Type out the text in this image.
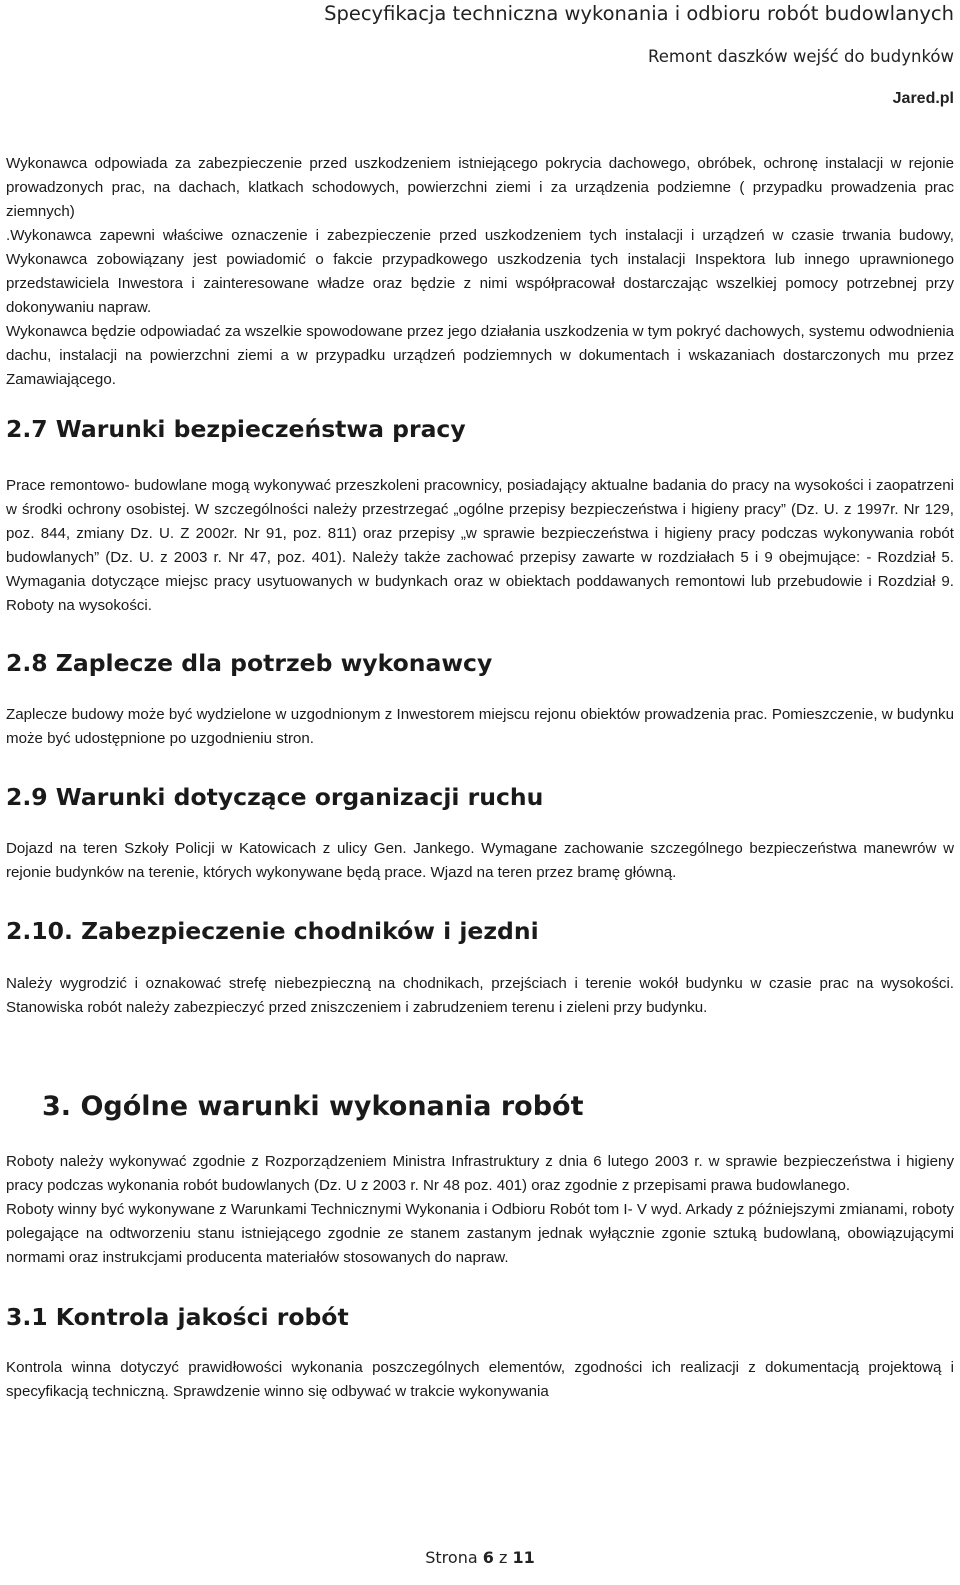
Specyfikacja techniczna wykonania i odbioru robót budowlanych
Remont daszków wejść do budynków
Jared.pl

Wykonawca odpowiada za zabezpieczenie przed uszkodzeniem istniejącego pokrycia dachowego, obróbek, ochronę instalacji w rejonie prowadzonych prac, na dachach, klatkach schodowych, powierzchni ziemi i za urządzenia podziemne ( przypadku prowadzenia prac ziemnych)

.Wykonawca zapewni właściwe oznaczenie i zabezpieczenie przed uszkodzeniem tych instalacji i urządzeń w czasie trwania budowy, Wykonawca zobowiązany jest powiadomić o fakcie przypadkowego uszkodzenia tych instalacji Inspektora lub innego uprawnionego przedstawiciela Inwestora i zainteresowane władze oraz będzie z nimi współpracował dostarczając wszelkiej pomocy potrzebnej przy dokonywaniu napraw.

Wykonawca będzie odpowiadać za wszelkie spowodowane przez jego działania uszkodzenia w tym pokryć dachowych, systemu odwodnienia dachu, instalacji na powierzchni ziemi a w przypadku urządzeń podziemnych w dokumentach i wskazaniach dostarczonych mu przez Zamawiającego.

2.7 Warunki bezpieczeństwa pracy

Prace remontowo- budowlane mogą wykonywać przeszkoleni pracownicy, posiadający aktualne badania do pracy na wysokości i zaopatrzeni w środki ochrony osobistej. W szczególności należy przestrzegać „ogólne przepisy bezpieczeństwa i higieny pracy” (Dz. U. z 1997r. Nr 129, poz. 844, zmiany Dz. U. Z 2002r. Nr 91, poz. 811) oraz przepisy „w sprawie bezpieczeństwa i higieny pracy podczas wykonywania robót budowlanych” (Dz. U. z 2003 r. Nr 47, poz. 401). Należy także zachować przepisy zawarte w rozdziałach 5 i 9 obejmujące: - Rozdział 5. Wymagania dotyczące miejsc pracy usytuowanych w budynkach oraz w obiektach poddawanych remontowi lub przebudowie i Rozdział 9. Roboty na wysokości.

2.8 Zaplecze dla potrzeb wykonawcy

Zaplecze budowy może być wydzielone w uzgodnionym z Inwestorem miejscu rejonu obiektów prowadzenia prac. Pomieszczenie, w budynku może być udostępnione po uzgodnieniu stron.

2.9 Warunki dotyczące organizacji ruchu

Dojazd na teren Szkoły Policji w Katowicach z ulicy Gen. Jankego. Wymagane zachowanie szczególnego bezpieczeństwa manewrów w rejonie budynków na terenie, których wykonywane będą prace. Wjazd na teren przez bramę główną.

2.10. Zabezpieczenie chodników i jezdni

Należy wygrodzić i oznakować strefę niebezpieczną na chodnikach, przejściach i terenie wokół budynku w czasie prac na wysokości. Stanowiska robót należy zabezpieczyć przed zniszczeniem i zabrudzeniem terenu i zieleni przy budynku.

3. Ogólne warunki wykonania robót

Roboty należy wykonywać zgodnie z Rozporządzeniem Ministra Infrastruktury z dnia 6 lutego 2003 r. w sprawie bezpieczeństwa i higieny pracy podczas wykonania robót budowlanych (Dz. U z 2003 r. Nr 48 poz. 401) oraz zgodnie z przepisami prawa budowlanego.

Roboty winny być wykonywane z Warunkami Technicznymi Wykonania i Odbioru Robót tom I- V wyd. Arkady z późniejszymi zmianami, roboty polegające na odtworzeniu stanu istniejącego zgodnie ze stanem zastanym jednak wyłącznie zgonie sztuką budowlaną, obowiązującymi normami oraz instrukcjami producenta materiałów stosowanych do napraw.

3.1 Kontrola jakości robót

Kontrola winna dotyczyć prawidłowości wykonania poszczególnych elementów, zgodności ich realizacji z dokumentacją projektową i specyfikacją techniczną. Sprawdzenie winno się odbywać w trakcie wykonywania

Strona 6 z 11
